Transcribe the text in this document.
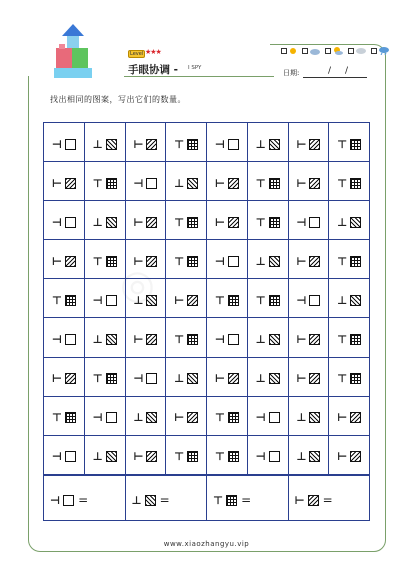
Level ★★★
手眼协调 - I SPY
日期:	/ /
找出相同的图案，写出它们的数量。
⊣	⊥	⊢	⊤	⊣	⊥	⊢	⊤

⊢	⊤	⊣	⊥	⊢	⊤	⊢	⊤

⊣	⊥	⊢	⊤	⊢	⊤	⊣	⊥

⊢	⊤	⊢	⊤	⊣	⊥	⊢	⊤

⊤	⊣	⊥	⊢	⊤	⊤	⊣	⊥

⊣	⊥	⊢	⊤	⊣	⊥	⊢	⊤

⊢	⊤	⊣	⊥	⊢	⊥	⊢	⊤

⊤	⊣	⊥	⊢	⊤	⊣	⊥	⊢

⊣	⊥	⊢	⊤	⊤	⊣	⊥	⊢
⊣ =	⊥ =	⊤ =	⊢ =
www.xiaozhangyu.vip
